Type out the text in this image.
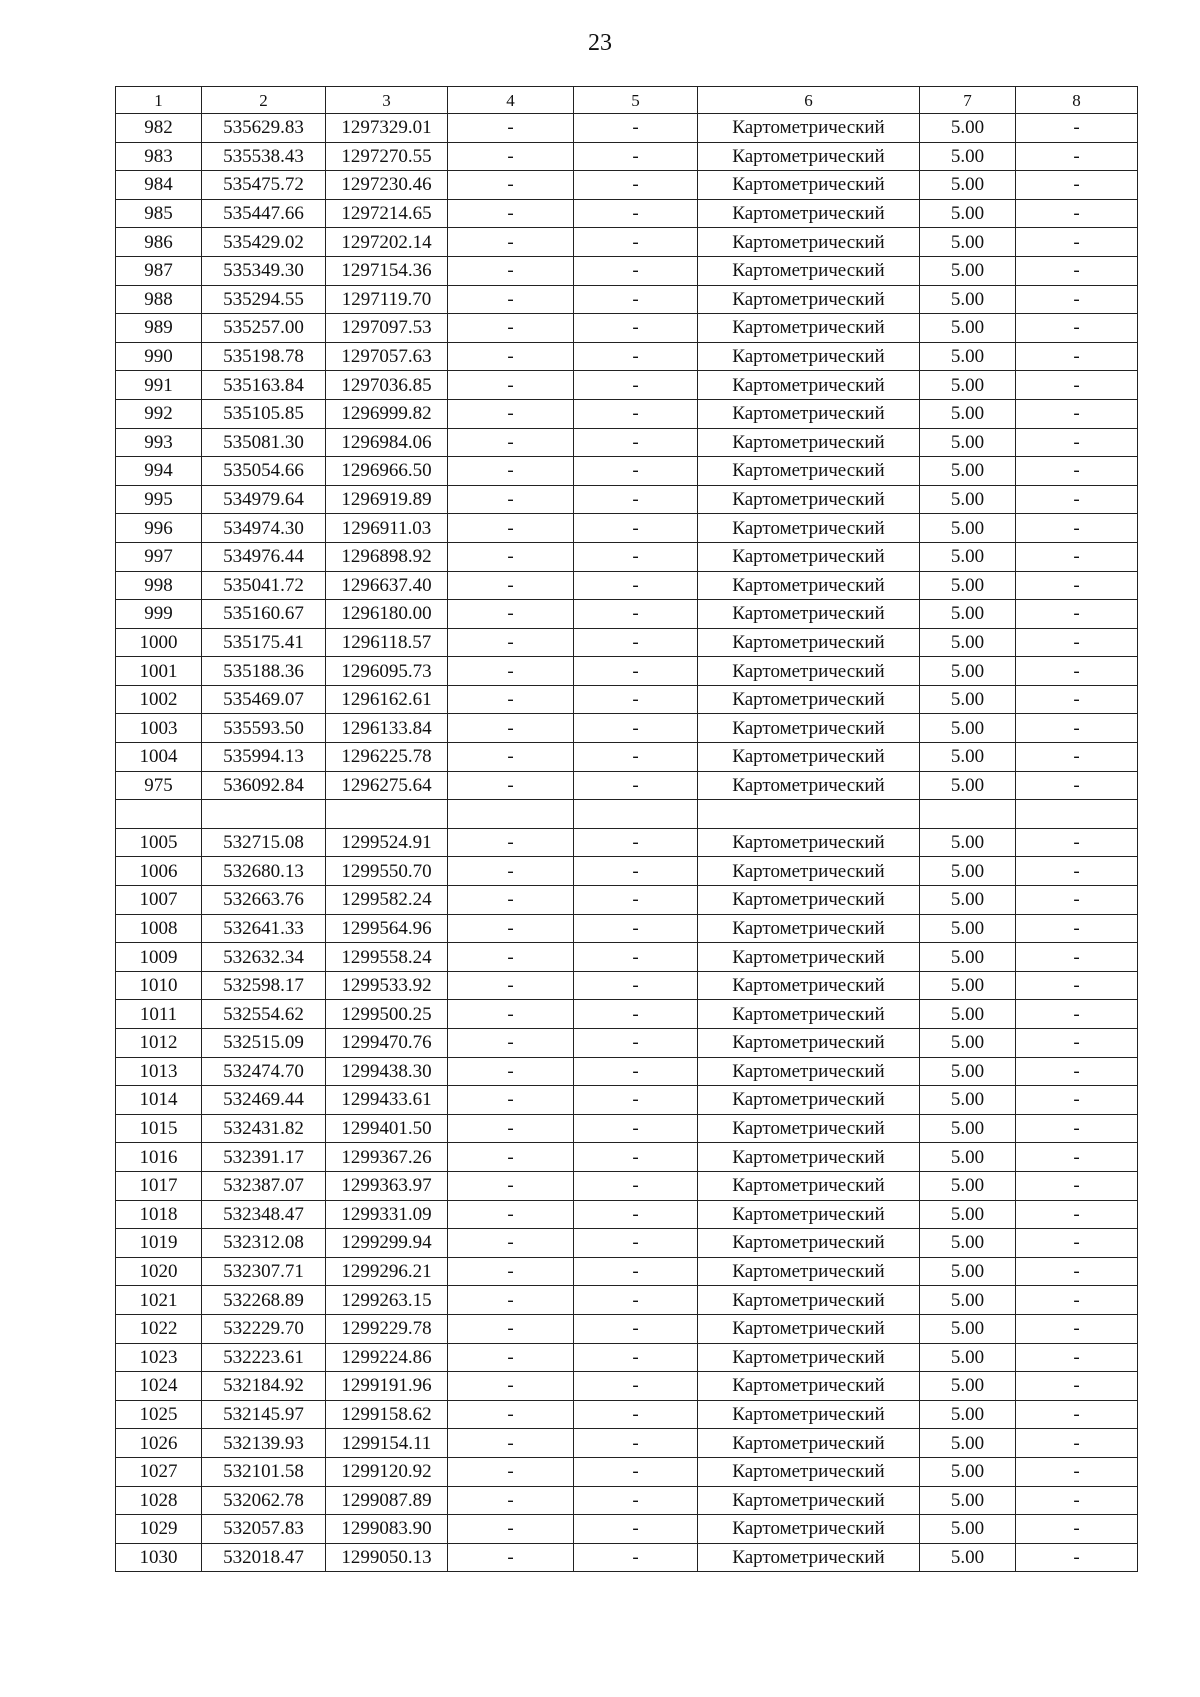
23
1	2	3	4	5	6	7	8
982	535629.83	1297329.01	-	-	Картометрический	5.00	-
983	535538.43	1297270.55	-	-	Картометрический	5.00	-
984	535475.72	1297230.46	-	-	Картометрический	5.00	-
985	535447.66	1297214.65	-	-	Картометрический	5.00	-
986	535429.02	1297202.14	-	-	Картометрический	5.00	-
987	535349.30	1297154.36	-	-	Картометрический	5.00	-
988	535294.55	1297119.70	-	-	Картометрический	5.00	-
989	535257.00	1297097.53	-	-	Картометрический	5.00	-
990	535198.78	1297057.63	-	-	Картометрический	5.00	-
991	535163.84	1297036.85	-	-	Картометрический	5.00	-
992	535105.85	1296999.82	-	-	Картометрический	5.00	-
993	535081.30	1296984.06	-	-	Картометрический	5.00	-
994	535054.66	1296966.50	-	-	Картометрический	5.00	-
995	534979.64	1296919.89	-	-	Картометрический	5.00	-
996	534974.30	1296911.03	-	-	Картометрический	5.00	-
997	534976.44	1296898.92	-	-	Картометрический	5.00	-
998	535041.72	1296637.40	-	-	Картометрический	5.00	-
999	535160.67	1296180.00	-	-	Картометрический	5.00	-
1000	535175.41	1296118.57	-	-	Картометрический	5.00	-
1001	535188.36	1296095.73	-	-	Картометрический	5.00	-
1002	535469.07	1296162.61	-	-	Картометрический	5.00	-
1003	535593.50	1296133.84	-	-	Картометрический	5.00	-
1004	535994.13	1296225.78	-	-	Картометрический	5.00	-
975	536092.84	1296275.64	-	-	Картометрический	5.00	-

1005	532715.08	1299524.91	-	-	Картометрический	5.00	-
1006	532680.13	1299550.70	-	-	Картометрический	5.00	-
1007	532663.76	1299582.24	-	-	Картометрический	5.00	-
1008	532641.33	1299564.96	-	-	Картометрический	5.00	-
1009	532632.34	1299558.24	-	-	Картометрический	5.00	-
1010	532598.17	1299533.92	-	-	Картометрический	5.00	-
1011	532554.62	1299500.25	-	-	Картометрический	5.00	-
1012	532515.09	1299470.76	-	-	Картометрический	5.00	-
1013	532474.70	1299438.30	-	-	Картометрический	5.00	-
1014	532469.44	1299433.61	-	-	Картометрический	5.00	-
1015	532431.82	1299401.50	-	-	Картометрический	5.00	-
1016	532391.17	1299367.26	-	-	Картометрический	5.00	-
1017	532387.07	1299363.97	-	-	Картометрический	5.00	-
1018	532348.47	1299331.09	-	-	Картометрический	5.00	-
1019	532312.08	1299299.94	-	-	Картометрический	5.00	-
1020	532307.71	1299296.21	-	-	Картометрический	5.00	-
1021	532268.89	1299263.15	-	-	Картометрический	5.00	-
1022	532229.70	1299229.78	-	-	Картометрический	5.00	-
1023	532223.61	1299224.86	-	-	Картометрический	5.00	-
1024	532184.92	1299191.96	-	-	Картометрический	5.00	-
1025	532145.97	1299158.62	-	-	Картометрический	5.00	-
1026	532139.93	1299154.11	-	-	Картометрический	5.00	-
1027	532101.58	1299120.92	-	-	Картометрический	5.00	-
1028	532062.78	1299087.89	-	-	Картометрический	5.00	-
1029	532057.83	1299083.90	-	-	Картометрический	5.00	-
1030	532018.47	1299050.13	-	-	Картометрический	5.00	-
